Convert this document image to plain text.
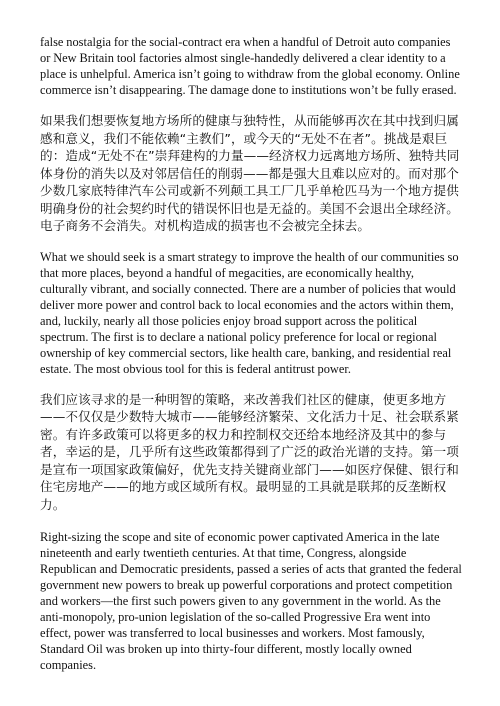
false nostalgia for the social-contract era when a handful of Detroit auto companies or New Britain tool factories almost single-handedly delivered a clear identity to a place is unhelpful. America isn’t going to withdraw from the global economy. Online commerce isn’t disappearing. The damage done to institutions won’t be fully erased.

如果我们想要恢复地方场所的健康与独特性，从而能够再次在其中找到归属感和意义，我们不能依赖“主教们”，或今天的“无处不在者”。挑战是艰巨的：造成“无处不在”崇拜建构的力量——经济权力远离地方场所、独特共同体身份的消失以及对邻居信任的削弱——都是强大且难以应对的。而对那个少数几家底特律汽车公司或新不列颠工具工厂几乎单枪匹马为一个地方提供明确身份的社会契约时代的错误怀旧也是无益的。美国不会退出全球经济。电子商务不会消失。对机构造成的损害也不会被完全抹去。

What we should seek is a smart strategy to improve the health of our communities so that more places, beyond a handful of megacities, are economically healthy, culturally vibrant, and socially connected. There are a number of policies that would deliver more power and control back to local economies and the actors within them, and, luckily, nearly all those policies enjoy broad support across the political spectrum. The first is to declare a national policy preference for local or regional ownership of key commercial sectors, like health care, banking, and residential real estate. The most obvious tool for this is federal antitrust power.

我们应该寻求的是一种明智的策略，来改善我们社区的健康，使更多地方——不仅仅是少数特大城市——能够经济繁荣、文化活力十足、社会联系紧密。有许多政策可以将更多的权力和控制权交还给本地经济及其中的参与者，幸运的是，几乎所有这些政策都得到了广泛的政治光谱的支持。第一项是宣布一项国家政策偏好，优先支持关键商业部门——如医疗保健、银行和住宅房地产——的地方或区域所有权。最明显的工具就是联邦的反垄断权力。

Right-sizing the scope and site of economic power captivated America in the late nineteenth and early twentieth centuries. At that time, Congress, alongside Republican and Democratic presidents, passed a series of acts that granted the federal government new powers to break up powerful corporations and protect competition and workers—the first such powers given to any government in the world. As the anti-monopoly, pro-union legislation of the so-called Progressive Era went into effect, power was transferred to local businesses and workers. Most famously, Standard Oil was broken up into thirty-four different, mostly locally owned companies.
